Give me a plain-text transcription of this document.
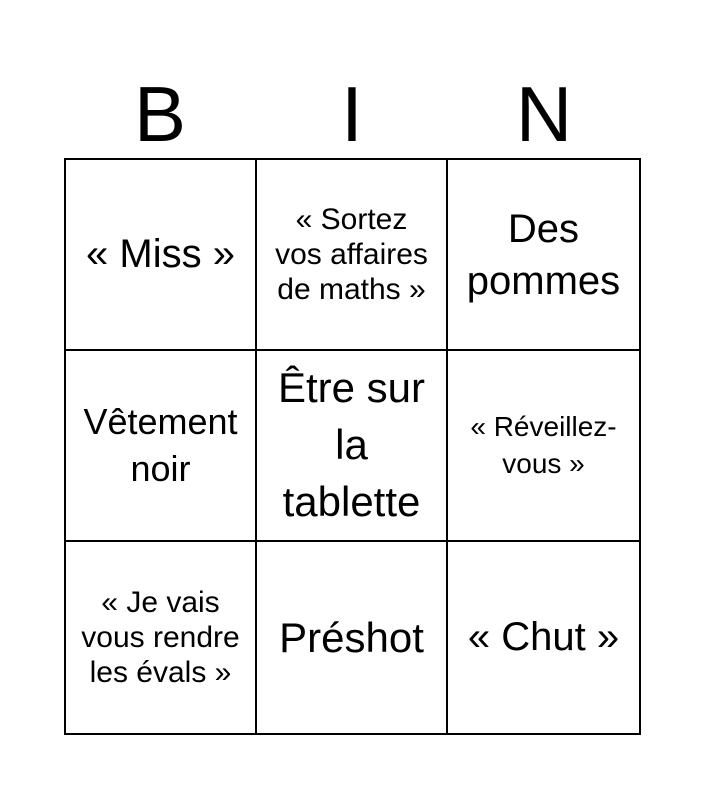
B	I	N
« Miss »
« Sortez vos affaires de maths »
Des pommes
Vêtement noir
Être sur la tablette
« Réveillez-vous »
« Je vais vous rendre les évals »
Préshot « Chut »
